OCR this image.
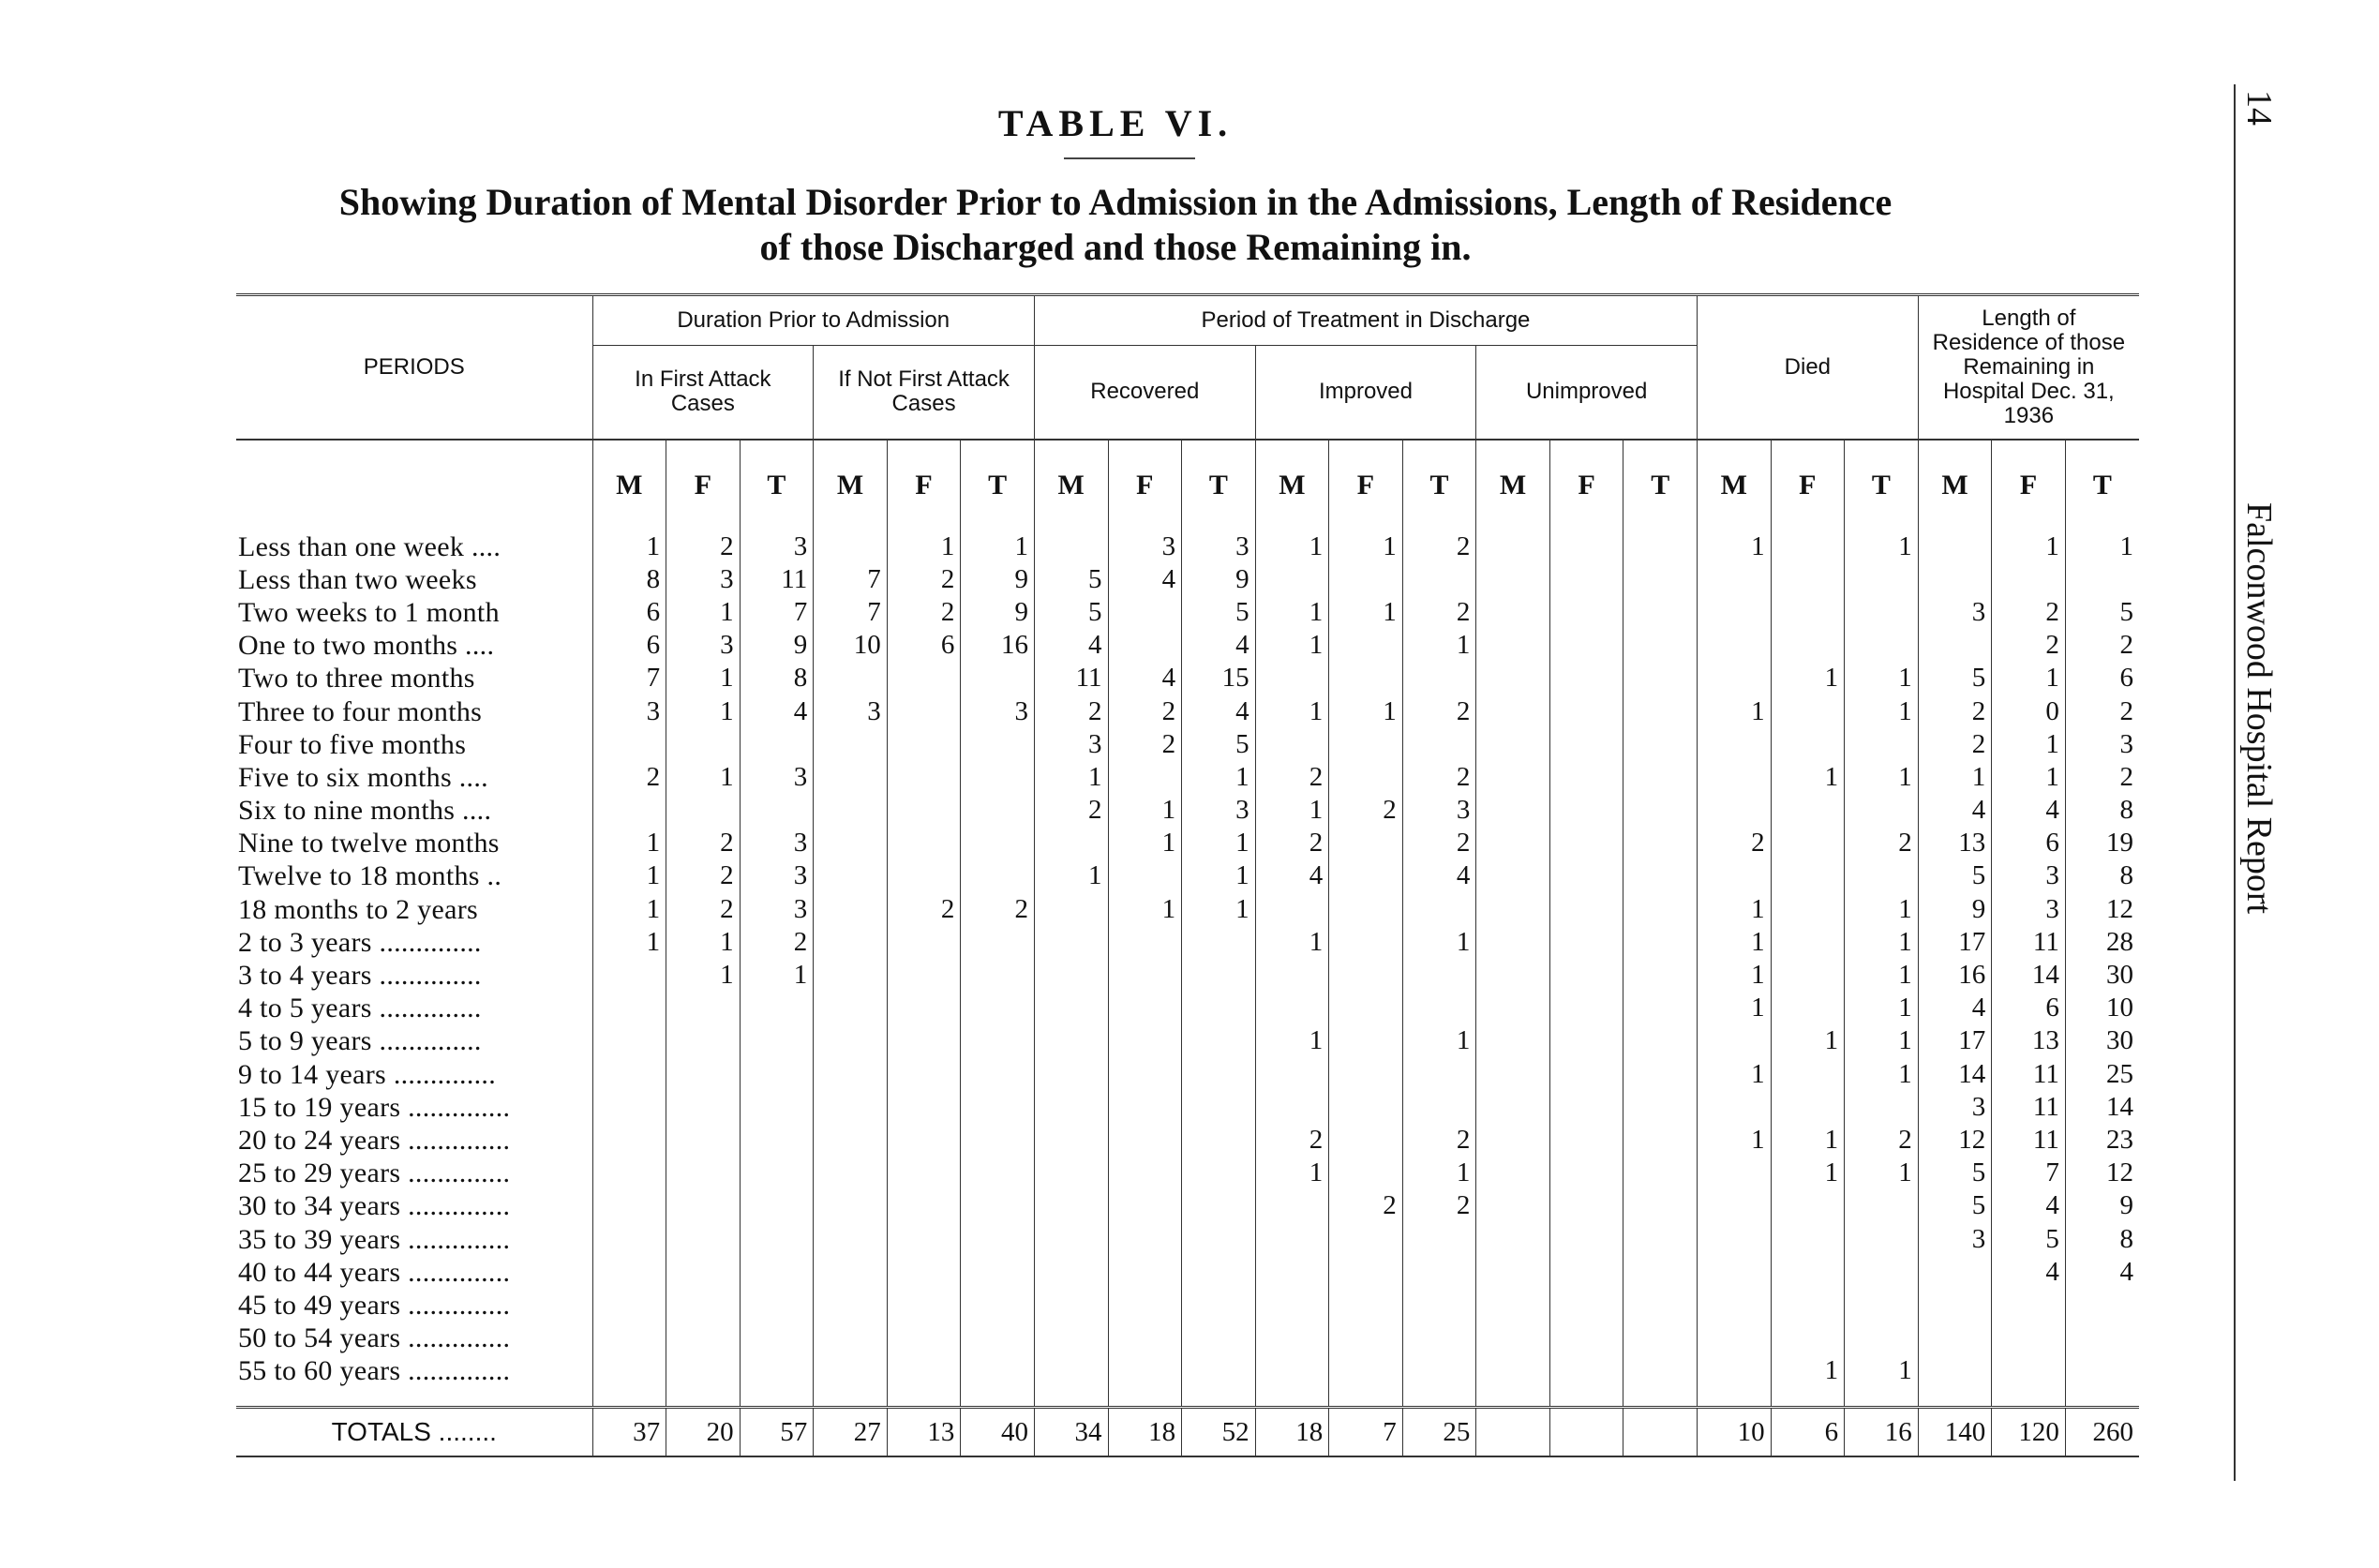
TABLE VI.
Showing Duration of Mental Disorder Prior to Admission in the Admissions, Length of Residence
of those Discharged and those Remaining in.
14
Falconwood Hospital Report
PERIODS	Duration Prior to Admission						Period of Treatment in Discharge									Died			Length of Residence of those Remaining in Hospital Dec. 31, 1936		
	In First Attack Cases			If Not First Attack Cases			Recovered			Improved			Unimproved								
	M	F	T	M	F	T	M	F	T	M	F	T	M	F	T	M	F	T	M	F	T
Less than one week ....	1	2	3		1	1		3	3	1	1	2				1		1		1	1
Less than two weeks	8	3	11	7	2	9	5	4	9												
Two weeks to 1 month	6	1	7	7	2	9	5		5	1	1	2							3	2	5
One to two months ....	6	3	9	10	6	16	4		4	1		1								2	2
Two to three months	7	1	8				11	4	15								1	1	5	1	6
Three to four months	3	1	4	3		3	2	2	4	1	1	2				1		1	2	0	2
Four to five months							3	2	5										2	1	3
Five to six months ....	2	1	3				1		1	2		2					1	1	1	1	2
Six to nine months ....							2	1	3	1	2	3							4	4	8
Nine to twelve months	1	2	3					1	1	2		2				2		2	13	6	19
Twelve to 18 months ..	1	2	3				1		1	4		4							5	3	8
18 months to 2 years	1	2	3		2	2		1	1							1		1	9	3	12
2 to 3 years ..............	1	1	2							1		1				1		1	17	11	28
3 to 4 years ..............		1	1													1		1	16	14	30
4 to 5 years ..............																1		1	4	6	10
5 to 9 years ..............										1		1					1	1	17	13	30
9 to 14 years ..............																1		1	14	11	25
15 to 19 years ..............																			3	11	14
20 to 24 years ..............										2		2				1	1	2	12	11	23
25 to 29 years ..............										1		1					1	1	5	7	12
30 to 34 years ..............											2	2							5	4	9
35 to 39 years ..............																			3	5	8
40 to 44 years ..............																				4	4
45 to 49 years ..............																					
50 to 54 years ..............																					
55 to 60 years ..............																	1	1			

TOTALS ........	37	20	57	27	13	40	34	18	52	18	7	25				10	6	16	140	120	260
